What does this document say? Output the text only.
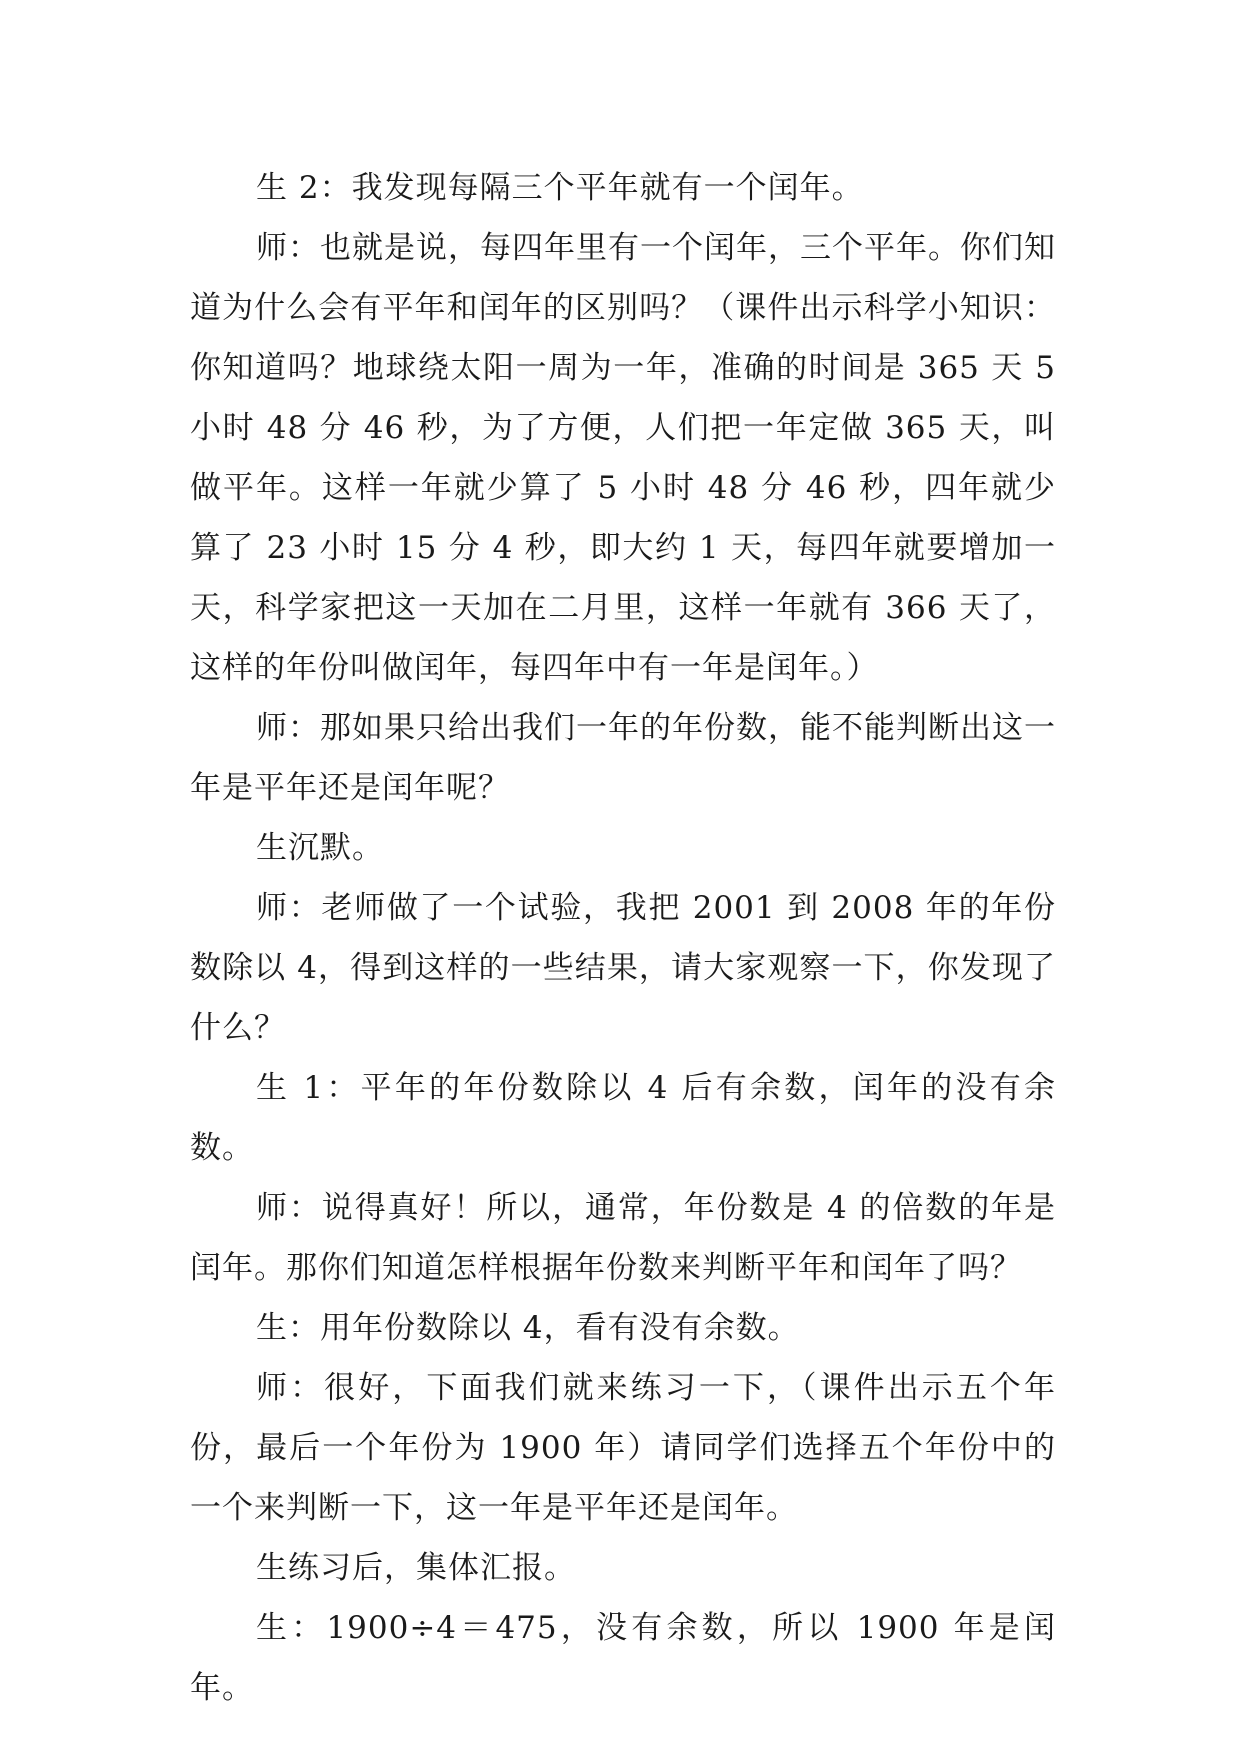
生 2：我发现每隔三个平年就有一个闰年。

师：也就是说，每四年里有一个闰年，三个平年。你们知道为什么会有平年和闰年的区别吗？（课件出示科学小知识：你知道吗？地球绕太阳一周为一年，准确的时间是 365 天 5 小时 48 分 46 秒，为了方便，人们把一年定做 365 天，叫做平年。这样一年就少算了 5 小时 48 分 46 秒，四年就少算了 23 小时 15 分 4 秒，即大约 1 天，每四年就要增加一天，科学家把这一天加在二月里，这样一年就有 366 天了，这样的年份叫做闰年，每四年中有一年是闰年。）

师：那如果只给出我们一年的年份数，能不能判断出这一年是平年还是闰年呢？

生沉默。

师：老师做了一个试验，我把 2001 到 2008 年的年份数除以 4，得到这样的一些结果，请大家观察一下，你发现了什么？

生 1：平年的年份数除以 4 后有余数，闰年的没有余数。

师：说得真好！所以，通常，年份数是 4 的倍数的年是闰年。那你们知道怎样根据年份数来判断平年和闰年了吗？

生：用年份数除以 4，看有没有余数。

师：很好，下面我们就来练习一下，（课件出示五个年份，最后一个年份为 1900 年）请同学们选择五个年份中的一个来判断一下，这一年是平年还是闰年。

生练习后，集体汇报。

生：1900÷4＝475，没有余数，所以 1900 年是闰年。
